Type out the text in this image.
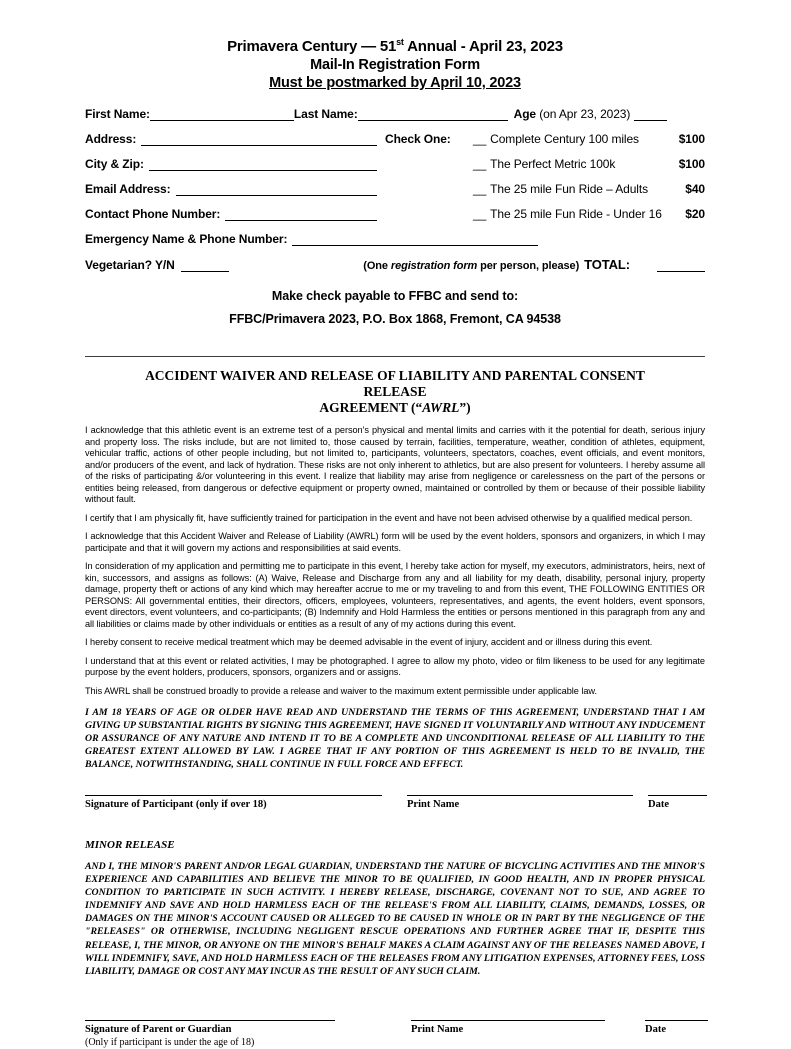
Primavera Century — 51st Annual - April 23, 2023
Mail-In Registration Form
Must be postmarked by April 10, 2023
First Name:	Last Name:	Age
(on Apr 23, 2023)
Address:	Check One:	__ Complete Century 100 miles	$100
City & Zip:	__ The Perfect Metric 100k	$100
Email Address:	__ The 25 mile Fun Ride – Adults	$40
Contact Phone Number:	__ The 25 mile Fun Ride - Under 16 $20
Emergency Name & Phone Number:
Vegetarian? Y/N	(One registration form per person, please) TOTAL:
Make check payable to FFBC and send to:
FFBC/Primavera 2023, P.O. Box 1868, Fremont, CA 94538
ACCIDENT WAIVER AND RELEASE OF LIABILITY AND PARENTAL CONSENT RELEASE
AGREEMENT (“AWRL”)

I acknowledge that this athletic event is an extreme test of a person's physical and mental limits and carries with it the potential for death, serious injury and property loss. The risks include, but are not limited to, those caused by terrain, facilities, temperature, weather, condition of athletes, equipment, vehicular traffic, actions of other people including, but not limited to, participants, volunteers, spectators, coaches, event officials, and event monitors, and/or producers of the event, and lack of hydration. These risks are not only inherent to athletics, but are also present for volunteers. I hereby assume all of the risks of participating &/or volunteering in this event. I realize that liability may arise from negligence or carelessness on the part of the persons or entities being released, from dangerous or defective equipment or property owned, maintained or controlled by them or because of their possible liability without fault.

I certify that I am physically fit, have sufficiently trained for participation in the event and have not been advised otherwise by a qualified medical person.

I acknowledge that this Accident Waiver and Release of Liability (AWRL) form will be used by the event holders, sponsors and organizers, in which I may participate and that it will govern my actions and responsibilities at said events.

In consideration of my application and permitting me to participate in this event, I hereby take action for myself, my executors, administrators, heirs, next of kin, successors, and assigns as follows: (A) Waive, Release and Discharge from any and all liability for my death, disability, personal injury, property damage, property theft or actions of any kind which may hereafter accrue to me or my traveling to and from this event, THE FOLLOWING ENTITIES OR PERSONS: All governmental entities, their directors, officers, employees, volunteers, representatives, and agents, the event holders, event sponsors, event directors, event volunteers, and co-participants; (B) Indemnify and Hold Harmless the entities or persons mentioned in this paragraph from any and all liabilities or claims made by other individuals or entities as a result of any of my actions during this event.

I hereby consent to receive medical treatment which may be deemed advisable in the event of injury, accident and or illness during this event.

I understand that at this event or related activities, I may be photographed. I agree to allow my photo, video or film likeness to be used for any legitimate purpose by the event holders, producers, sponsors, organizers and or assigns.

This AWRL shall be construed broadly to provide a release and waiver to the maximum extent permissible under applicable law.

I AM 18 YEARS OF AGE OR OLDER HAVE READ AND UNDERSTAND THE TERMS OF THIS AGREEMENT, UNDERSTAND THAT I AM GIVING UP SUBSTANTIAL RIGHTS BY SIGNING THIS AGREEMENT, HAVE SIGNED IT VOLUNTARILY AND WITHOUT ANY INDUCEMENT OR ASSURANCE OF ANY NATURE AND INTEND IT TO BE A COMPLETE AND UNCONDITIONAL RELEASE OF ALL LIABILITY TO THE GREATEST EXTENT ALLOWED BY LAW. I AGREE THAT IF ANY PORTION OF THIS AGREEMENT IS HELD TO BE INVALID, THE BALANCE, NOTWITHSTANDING, SHALL CONTINUE IN FULL FORCE AND EFFECT.
Signature of Participant (only if over 18)	Print Name	Date
MINOR RELEASE
AND I, THE MINOR'S PARENT AND/OR LEGAL GUARDIAN, UNDERSTAND THE NATURE OF BICYCLING ACTIVITIES AND THE MINOR'S EXPERIENCE AND CAPABILITIES AND BELIEVE THE MINOR TO BE QUALIFIED, IN GOOD HEALTH, AND IN PROPER PHYSICAL CONDITION TO PARTICIPATE IN SUCH ACTIVITY. I HEREBY RELEASE, DISCHARGE, COVENANT NOT TO SUE, AND AGREE TO INDEMNIFY AND SAVE AND HOLD HARMLESS EACH OF THE RELEASE'S FROM ALL LIABILITY, CLAIMS, DEMANDS, LOSSES, OR DAMAGES ON THE MINOR'S ACCOUNT CAUSED OR ALLEGED TO BE CAUSED IN WHOLE OR IN PART BY THE NEGLIGENCE OF THE "RELEASES" OR OTHERWISE, INCLUDING NEGLIGENT RESCUE OPERATIONS AND FURTHER AGREE THAT IF, DESPITE THIS RELEASE, I, THE MINOR, OR ANYONE ON THE MINOR'S BEHALF MAKES A CLAIM AGAINST ANY OF THE RELEASES NAMED ABOVE, I WILL INDEMNIFY, SAVE, AND HOLD HARMLESS EACH OF THE RELEASES FROM ANY LITIGATION EXPENSES, ATTORNEY FEES, LOSS LIABILITY, DAMAGE OR COST ANY MAY INCUR AS THE RESULT OF ANY SUCH CLAIM.
Signature of Parent or Guardian
(Only if participant is under the age of 18)
Print Name	Date
